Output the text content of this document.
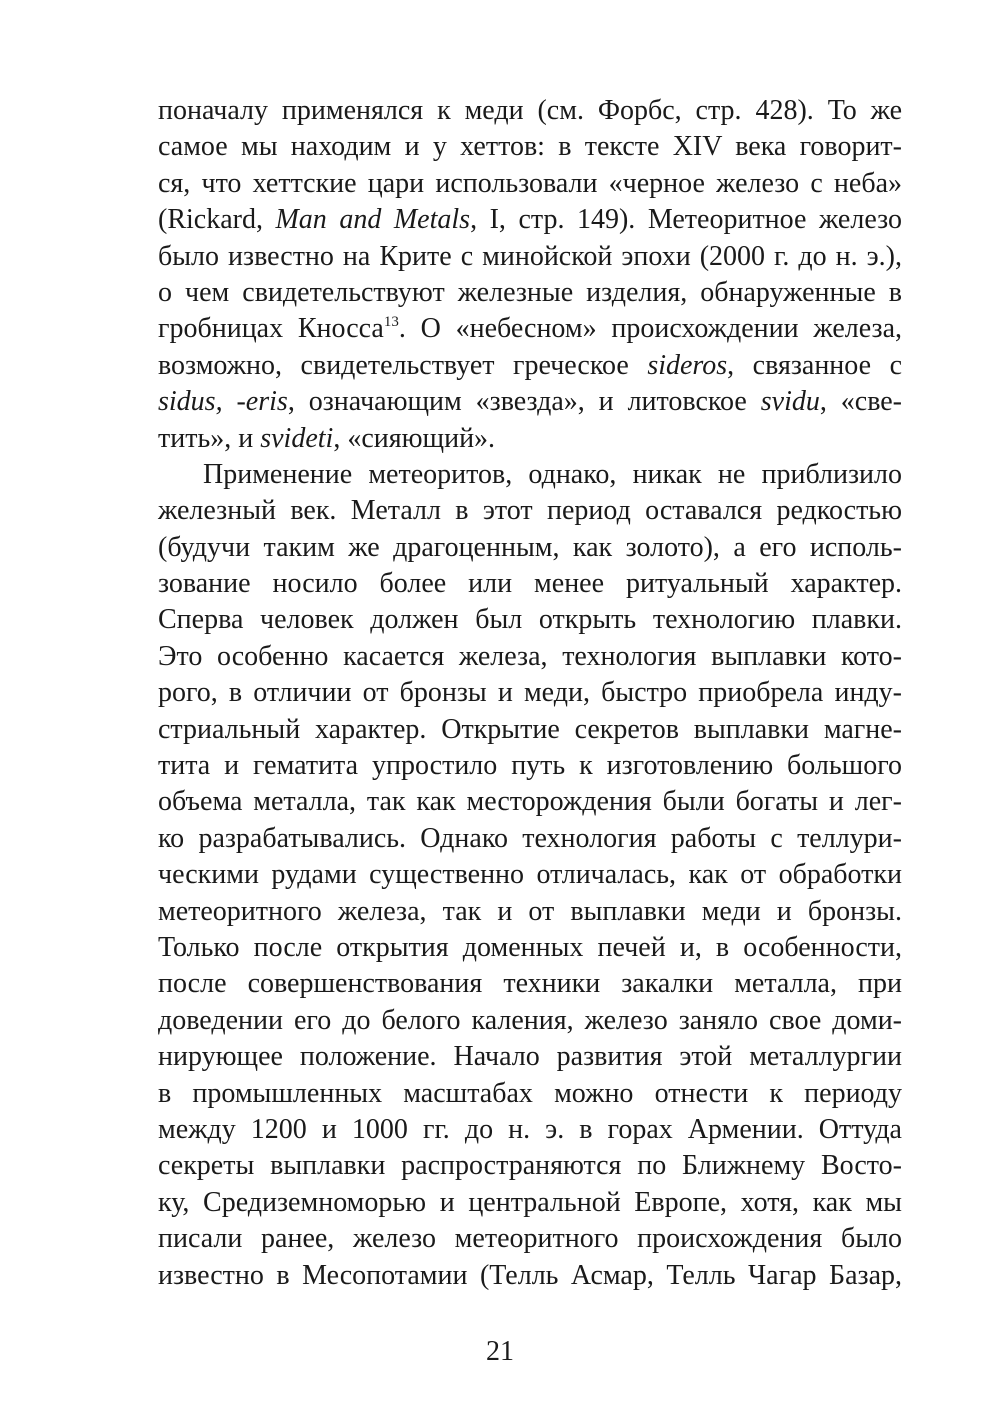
поначалу применялся к меди (см. Форбс, стр. 428). То же
самое мы находим и у хеттов: в тексте XIV века говорит-
ся, что хеттские цари использовали «черное железо с неба»
(Rickard, Man and Metals, I, стр. 149). Метеоритное железо
было известно на Крите с минойской эпохи (2000 г. до н. э.),
о чем свидетельствуют железные изделия, обнаруженные в
гробницах Кносса$^{13}$. О «небесном» происхождении железа,
возможно, свидетельствует греческое sideros, связанное с
sidus, -eris, означающим «звезда», и литовское svidu, «све-
тить», и svideti, «сияющий».
Применение метеоритов, однако, никак не приблизило
железный век. Металл в этот период оставался редкостью
(будучи таким же драгоценным, как золото), а его исполь-
зование носило более или менее ритуальный характер.
Сперва человек должен был открыть технологию плавки.
Это особенно касается железа, технология выплавки кото-
рого, в отличии от бронзы и меди, быстро приобрела инду-
стриальный характер. Открытие секретов выплавки магне-
тита и гематита упростило путь к изготовлению большого
объема металла, так как месторождения были богаты и лег-
ко разрабатывались. Однако технология работы с теллури-
ческими рудами существенно отличалась, как от обработки
метеоритного железа, так и от выплавки меди и бронзы.
Только после открытия доменных печей и, в особенности,
после совершенствования техники закалки металла, при
доведении его до белого каления, железо заняло свое доми-
нирующее положение. Начало развития этой металлургии
в промышленных масштабах можно отнести к периоду
между 1200 и 1000 гг. до н. э. в горах Армении. Оттуда
секреты выплавки распространяются по Ближнему Восто-
ку, Средиземноморью и центральной Европе, хотя, как мы
писали ранее, железо метеоритного происхождения было
известно в Месопотамии (Телль Асмар, Телль Чагар Базар,
21
